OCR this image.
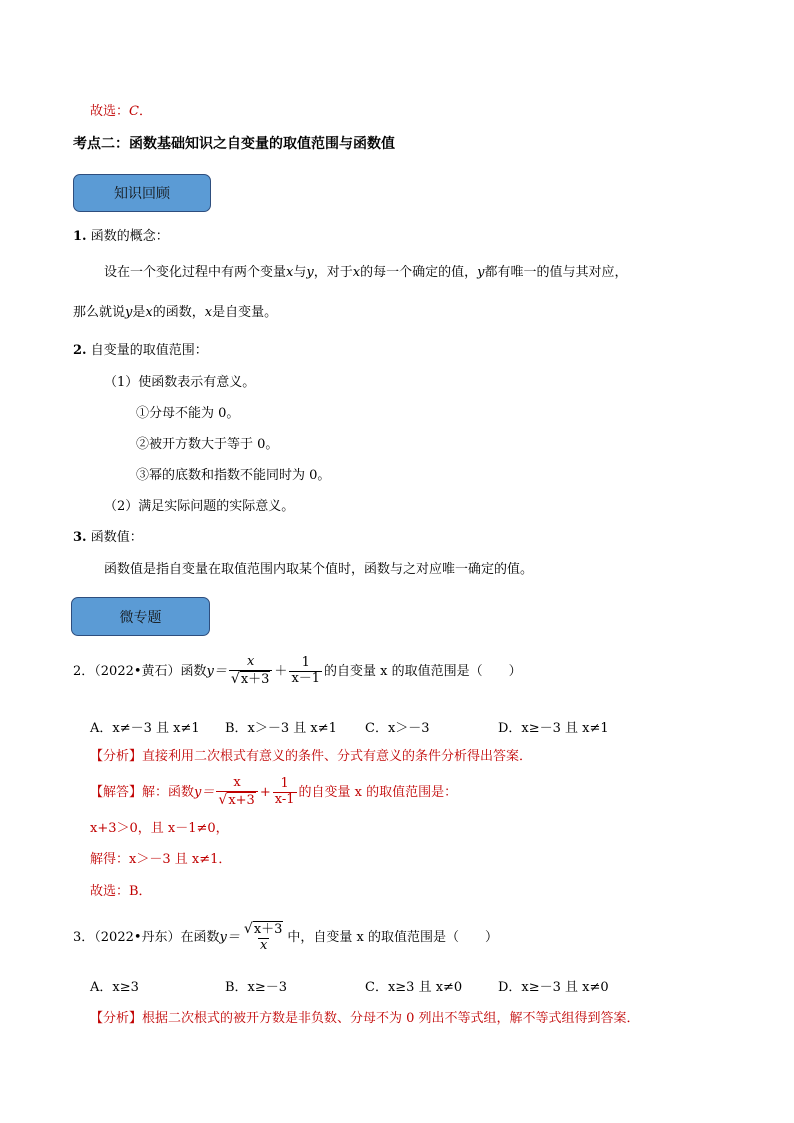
故选：C．
考点二：函数基础知识之自变量的取值范围与函数值
知识回顾
1. 函数的概念：
设在一个变化过程中有两个变量x与y，对于x的每一个确定的值，y都有唯一的值与其对应，
那么就说y是x的函数，x是自变量。
2. 自变量的取值范围：
（1）使函数表示有意义。
①分母不能为 0。
②被开方数大于等于 0。
③幂的底数和指数不能同时为 0。
（2）满足实际问题的实际意义。
3. 函数值：
函数值是指自变量在取值范围内取某个值时，函数与之对应唯一确定的值。
微专题
2．（2022•黄石）函数 $y= \frac{x}{√x+3} + \frac{1}{x-1}$ 的自变量 x 的取值范围是（　　）
A．x≠－3 且 x≠1 B．x＞－3 且 x≠1 C．x＞－3	D．x≥－3 且 x≠1
【分析】直接利用二次根式有意义的条件、分式有意义的条件分析得出答案．
【解答】 解：函数 $y= \frac{x}{√x+3} + \frac{1}{x-1}$ 的自变量 x 的取值范围是：
x+3＞0，且 x－1≠0，
解得：x＞－3 且 x≠1．
故选：B．
3．（2022•丹东）在函数 $y= \frac{√x+3}{x}$ 中，自变量 x 的取值范围是（　　）
A．x≥3	B．x≥－3	C．x≥3 且 x≠0	D．x≥－3 且 x≠0
【分析】根据二次根式的被开方数是非负数、分母不为 0 列出不等式组，解不等式组得到答案．
